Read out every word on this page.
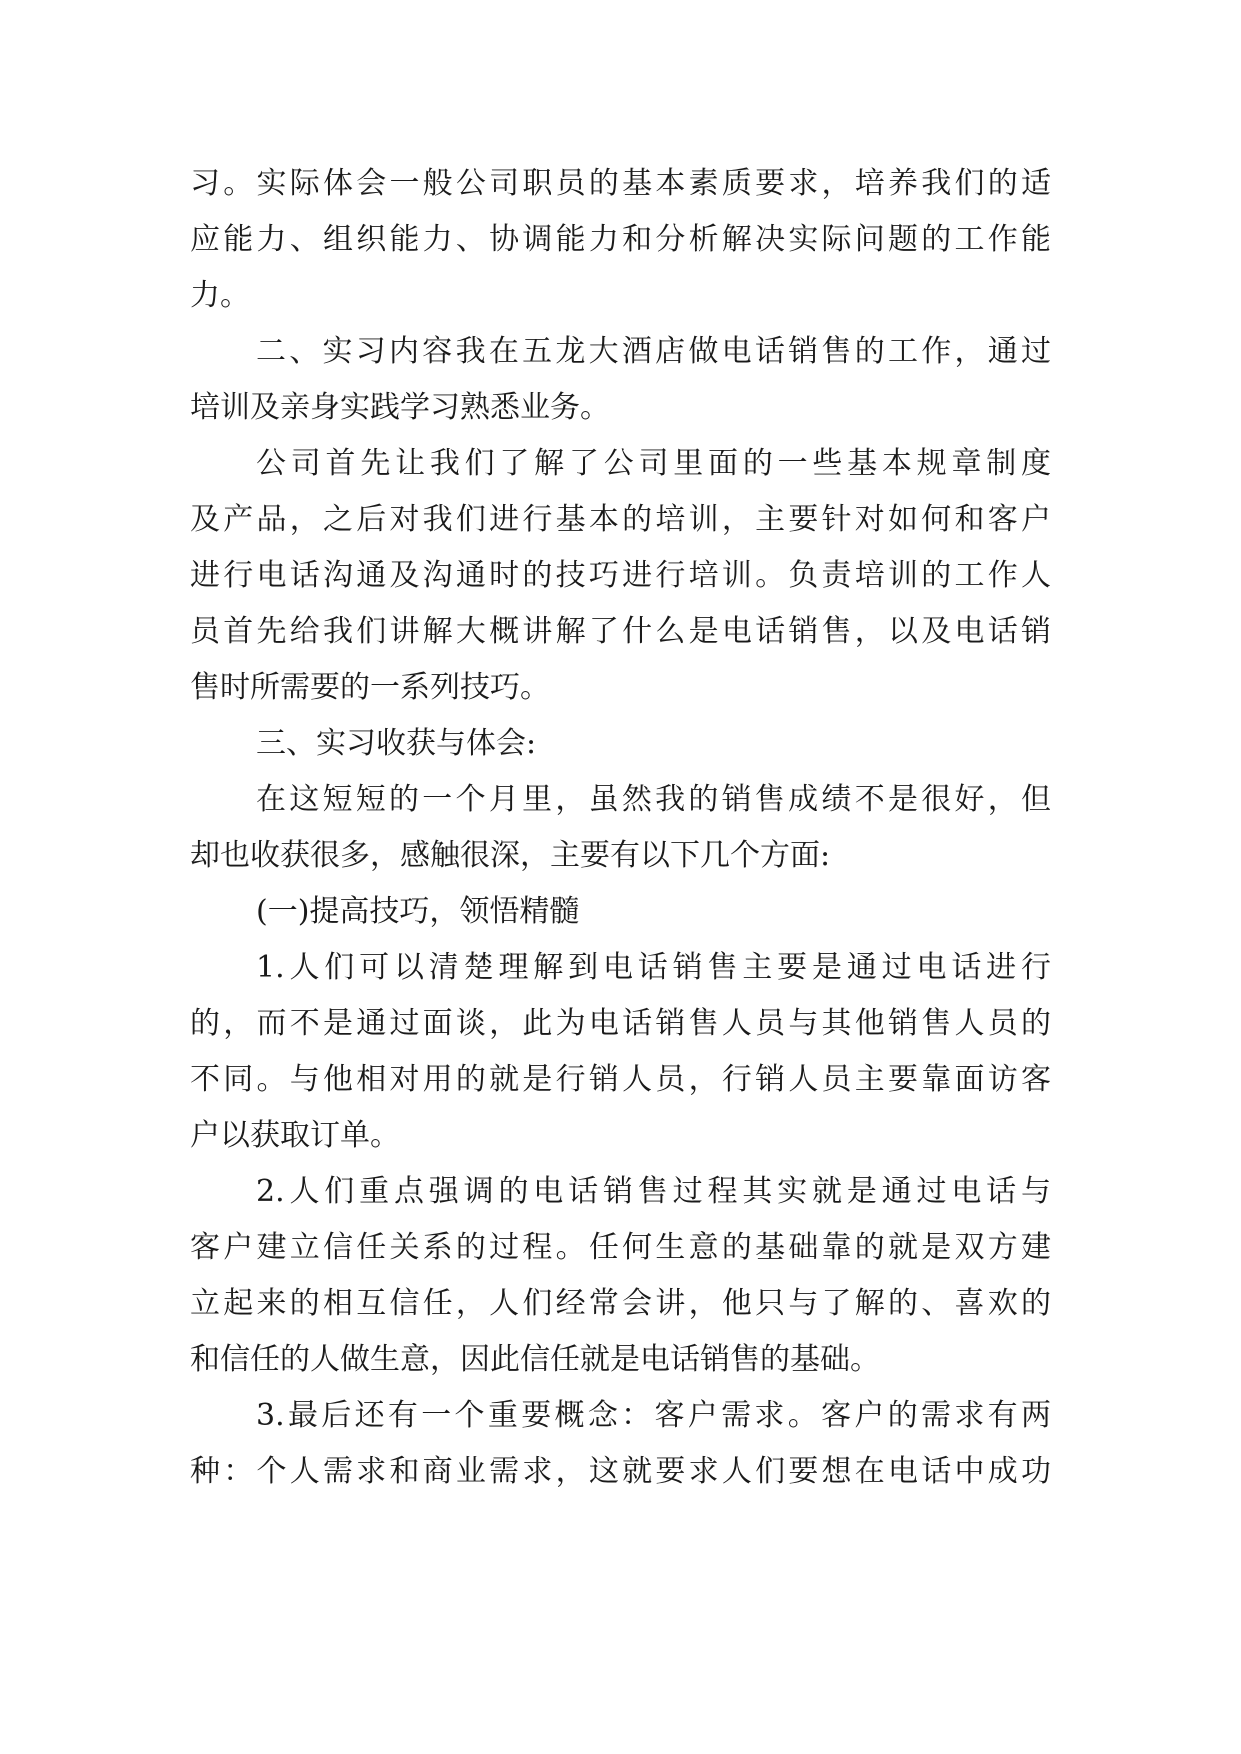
习。实际体会一般公司职员的基本素质要求，培养我们的适
应能力、组织能力、协调能力和分析解决实际问题的工作能
力。
二、实习内容我在五龙大酒店做电话销售的工作，通过
培训及亲身实践学习熟悉业务。
公司首先让我们了解了公司里面的一些基本规章制度
及产品，之后对我们进行基本的培训，主要针对如何和客户
进行电话沟通及沟通时的技巧进行培训。负责培训的工作人
员首先给我们讲解大概讲解了什么是电话销售，以及电话销
售时所需要的一系列技巧。
三、实习收获与体会:
在这短短的一个月里，虽然我的销售成绩不是很好，但
却也收获很多，感触很深，主要有以下几个方面:
(一)提高技巧，领悟精髓
1.人们可以清楚理解到电话销售主要是通过电话进行
的，而不是通过面谈，此为电话销售人员与其他销售人员的
不同。与他相对用的就是行销人员，行销人员主要靠面访客
户以获取订单。
2.人们重点强调的电话销售过程其实就是通过电话与
客户建立信任关系的过程。任何生意的基础靠的就是双方建
立起来的相互信任，人们经常会讲，他只与了解的、喜欢的
和信任的人做生意，因此信任就是电话销售的基础。
3.最后还有一个重要概念：客户需求。客户的需求有两
种：个人需求和商业需求，这就要求人们要想在电话中成功
